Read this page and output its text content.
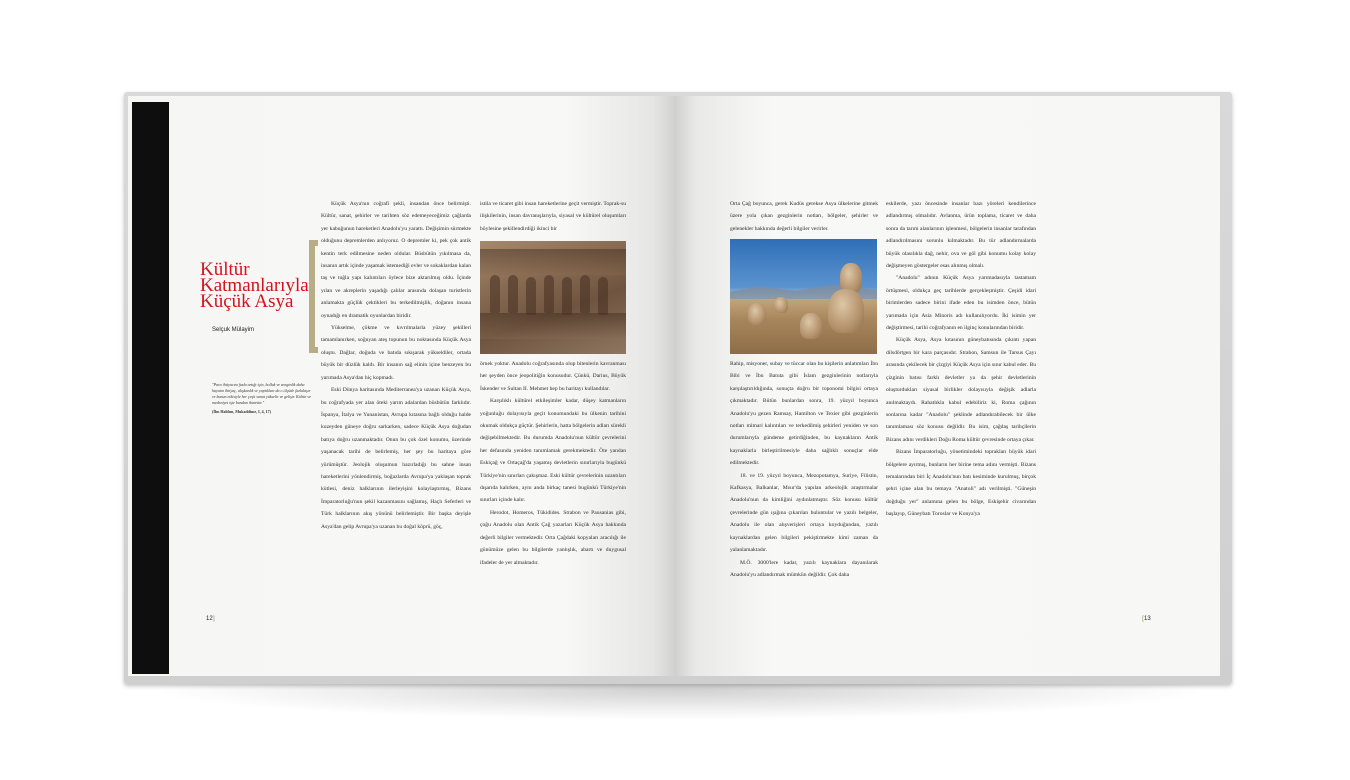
Kültür
Katmanlarıyla
Küçük Asya
Selçuk Mülayim
"Para ihtiyacını fazla artığı için, bolluk ve zenginlik daha hayatın ihtiyaç, alışkanlık ve yaptıkları da o ölçüde fazlalaşır ve bunun etkisiyle her çeşit sanat yükselir ve gelişir. Kültür ve medeniyet işte bundan ibarettir."
(İbn Haldun, Mukaddime, I, 4, 17)

Küçük Asya'nın coğrafi şekli, insandan önce belirmişti. Kültür, sanat, şehirler ve tarihten söz edemeyeceğimiz çağlarda yer kabuğunun hareketleri Anadolu'yu yarattı. Değişimin sürmekte olduğunu depremlerden anlıyoruz. O depremler ki, pek çok antik kentin terk edilmesine neden oldular. Büsbütün yıkılmasa da, insanın artık içinde yaşamak istemediği evler ve sokaklardan kalan taş ve tuğla yapı kalıntıları öylece bize aktarılmış oldu. İçinde yılan ve akreplerin yaşadığı çalılar arasında dolaşan turistlerin anlamakta güçlük çektikleri bu terkedilmişlik, doğanın insana oynadığı en dramatik oyunlardan biridir.

Yükselme, çökme ve kıvrılmalarla yüzey şekilleri tamamlanırken, soğuyan ateş topunun bu noktasında Küçük Asya oluştu. Dağlar, doğuda ve batıda sıkışarak yükseldiler, ortada büyük bir düzlük kaldı. Bir insanın sağ elinin içine benzeyen bu yarımada Asya'dan hiç kopmadı.

Eski Dünya haritasında Mediterranea'ya uzanan Küçük Asya, bu coğrafyada yer alan öteki yarım adalardan büsbütün farklıdır. İspanya, İtalya ve Yunanistan, Avrupa kıtasına bağlı olduğu halde kuzeyden güneye doğru sarkarken, sadece Küçük Asya doğudan batıya doğru uzanmaktadır. Onun bu çok özel konumu, üzerinde yaşanacak tarihi de belirlemiş, her şey bu haritaya göre yürümüştür. Jeolojik oluşumun hazırladığı bu sahne insan hareketlerini yönlendirmiş, boğazlarda Avrupa'ya yaklaşan toprak kütlesi, deniz halklarının ilerleyişini kolaylaştırmış, Bizans İmparatorluğu'nun şekil kazanmasını sağlamış, Haçlı Seferleri ve Türk halklarının akış yönünü belirlemiştir. Bir başka deyişle Asya'dan gelip Avrupa'ya uzanan bu doğal köprü, göç,

istila ve ticaret gibi insan hareketlerine geçit vermiştir. Toprak-su ilişkilerinin, insan davranışlarıyla, siyasal ve kültürel oluşumları böylesine şekillendirdiği ikinci bir

örnek yoktur. Anadolu coğrafyasında olup bitenlerin kavranması her şeyden önce jeopolitiğin konusudur. Çünkü, Darius, Büyük İskender ve Sultan II. Mehmet hep bu haritayı kullandılar.

Karşılıklı kültürel etkileşimler kadar, düşey katmanların yoğunluğu dolayısıyla geçit konumundaki bu ülkenin tarihini okumak oldukça güçtür. Şehirlerin, hatta bölgelerin adları sürekli değişebilmektedir. Bu durumda Anadolu'nun kültür çevrelerini her defasında yeniden tanımlamak gerekmektedir. Öte yandan Eskiçağ ve Ortaçağ'da yaşamış devletlerin sınırlarıyla bugünkü Türkiye'nin sınırları çakışmaz. Eski kültür çevrelerinin uzantıları dışarıda kalırken, aynı anda birkaç tanesi bugünkü Türkiye'nin sınırları içinde kalır.

Herodot, Homeros, Tükidides. Strabon ve Pausanias gibi, çoğu Anadolu olan Antik Çağ yazarları Küçük Asya hakkında değerli bilgiler vermektedir. Orta Çağdaki kopyaları aracılığı ile günümüze gelen bu bilgilerde yanlışlık, abartı ve duygusal ifadeler de yer almaktadır.

12]

Orta Çağ boyunca, gerek Kudüs gerekse Asya ülkelerine gitmek üzere yola çıkan gezginlerin notları, bölgeler, şehirler ve gelenekler hakkında değerli bilgiler verirler.

Rahip, misyoner, subay ve tüccar olan bu kişilerin anlatımları İbn Bibi ve İbn Batuta gibi İslam gezginlerinin notlarıyla karşılaştırıldığında, sonuçta doğru bir toponomi bilgisi ortaya çıkmaktadır. Bütün bunlardan sonra, 19. yüzyıl boyunca Anadolu'yu gezen Ramsay, Hamilton ve Texier gibi gezginlerin notları mimari kalıntıları ve terkedilmiş şehirleri yeniden ve son durumlarıyla gündeme getirdiğinden, bu kaynakların Antik kaynaklarla birleştirilmesiyle daha sağlıklı sonuçlar elde edilmektedir.

18. ve 19. yüzyıl boyunca, Mezopotamya, Suriye, Filistin, Kafkasya, Balkanlar, Mısır'da yapılan arkeolojik araştırmalar Anadolu'nun da kimliğini aydınlatmıştır. Söz konusu kültür çevrelerinde gün ışığına çıkarılan buluntular ve yazılı belgeler, Anadolu ile olan alışverişleri ortaya koyduğundan, yazılı kaynaklardan gelen bilgileri pekiştirmekte kimi zaman da yalanlamaktadır.

M.Ö. 3000'lere kadar, yazılı kaynaklara dayanılarak Anadolu'yu adlandırmak mümkün değildir. Çok daha

eskilerde, yazı öncesinde insanlar bazı yöreleri kendilerince adlandırmış olmalıdır. Avlanma, ürün toplama, ticaret ve daha sonra da tarım alanlarının işlenmesi, bölgelerin insanlar tarafından adlandırılmasını sorunlu kılmaktadır. Bu tür adlandırmalarda büyük olasılıkla dağ, nehir, ova ve göl gibi konumu kolay kolay değişmeyen göstergeler esas alınmış olmalı.

"Anadolu" adının Küçük Asya yarımadasıyla tastamam örtüşmesi, oldukça geç tarihlerde gerçekleşmiştir. Çeşidi idari birimlerden sadece birini ifade eden bu isimden önce, bütün yarımada için Asia Minoris adı kullanılıyordu. İki isimin yer değiştirmesi, tarihi coğrafyanın en ilginç konularından biridir.

Küçük Asya, Asya kıtasının güneybatısında çıkıntı yapan dilsdörtgen bir kara parçasıdır. Strabon, Samsun ile Tarsus Çayı arasında çekilecek bir çizgiyi Küçük Asya için sınır kabul eder. Bu çizginin batısı farklı devletler ya da şehir devletlerinin oluşturdukları siyasal birlikler dolayısıyla değişik adlarla anılmaktaydı. Rahatlıkla kabul edebiliriz ki, Roma çağının sonlarına kadar "Anadolu" şeklinde adlandırabilecek bir ülke tanımlaması söz konusu değildir. Bu isim, çağdaş tarihçilerin Bizans adını verdikleri Doğu Roma kültür çevresinde ortaya çıkar.

Bizans İmparatorluğu, yönetimindeki toprakları büyük idari bölgelere ayırmış, bunların her birine tema adını vermişti. Bizans temalarından biri İç Anadolu'nun batı kesiminde kurulmuş, birçok şehri içine alan bu temaya "Anatoli" adı verilmişti. "Güneşin doğduğu yer" anlamına gelen bu bölge, Eskişehir civarından başlayıp, Güneybatı Toroslar ve Konya'ya

[13
